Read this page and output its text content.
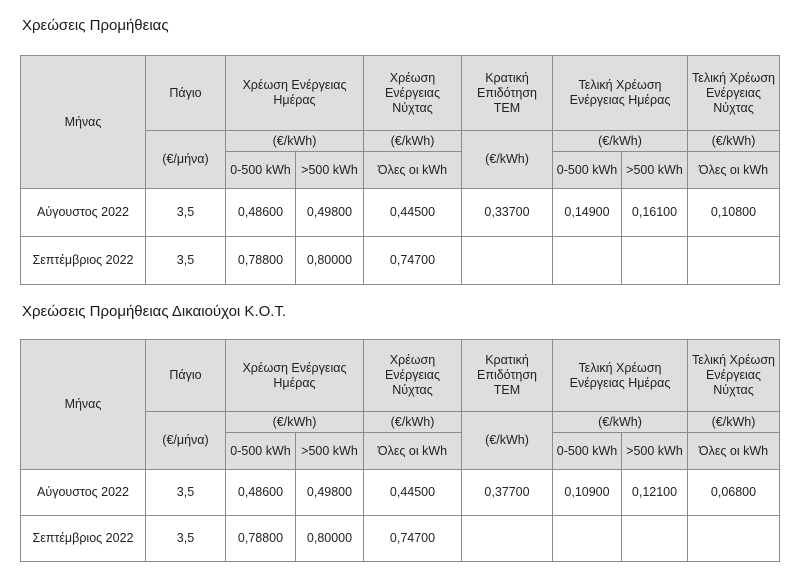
Χρεώσεις Προμήθειας
Μήνας	Πάγιο	Χρέωση Ενέργειας Ημέρας		Χρέωση Ενέργειας Νύχτας	Κρατική Επιδότηση ΤΕΜ	Τελική Χρέωση Ενέργειας Ημέρας		Τελική Χρέωση Ενέργειας Νύχτας
	(€/μήνα)	(€/kWh)		(€/kWh)	(€/kWh)	(€/kWh)		(€/kWh)
		0-500 kWh	>500 kWh	Όλες οι kWh		0-500 kWh	>500 kWh	Όλες οι kWh
Αύγουστος 2022	3,5	0,48600	0,49800	0,44500	0,33700	0,14900	0,16100	0,10800
Σεπτέμβριος 2022	3,5	0,78800	0,80000	0,74700				
Χρεώσεις Προμήθειας Δικαιούχοι Κ.Ο.Τ.
Μήνας	Πάγιο	Χρέωση Ενέργειας Ημέρας		Χρέωση Ενέργειας Νύχτας	Κρατική Επιδότηση ΤΕΜ	Τελική Χρέωση Ενέργειας Ημέρας		Τελική Χρέωση Ενέργειας Νύχτας
	(€/μήνα)	(€/kWh)		(€/kWh)	(€/kWh)	(€/kWh)		(€/kWh)
		0-500 kWh	>500 kWh	Όλες οι kWh		0-500 kWh	>500 kWh	Όλες οι kWh
Αύγουστος 2022	3,5	0,48600	0,49800	0,44500	0,37700	0,10900	0,12100	0,06800
Σεπτέμβριος 2022	3,5	0,78800	0,80000	0,74700				
